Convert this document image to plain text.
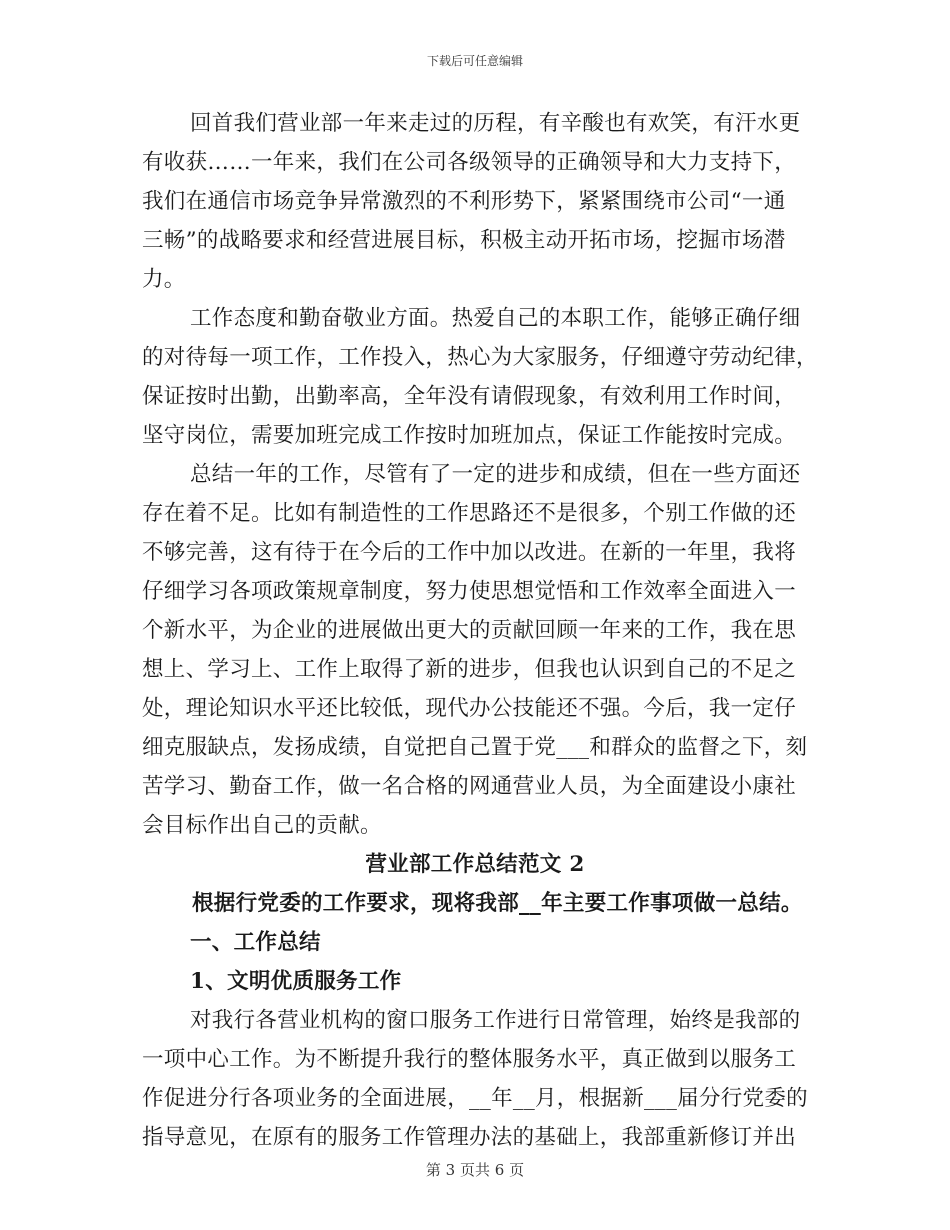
下载后可任意编辑
回首我们营业部一年来走过的历程，有辛酸也有欢笑，有汗水更
有收获……一年来，我们在公司各级领导的正确领导和大力支持下，
我们在通信市场竞争异常激烈的不利形势下，紧紧围绕市公司“一通
三畅”的战略要求和经营进展目标，积极主动开拓市场，挖掘市场潜
力。
工作态度和勤奋敬业方面。热爱自己的本职工作，能够正确仔细
的对待每一项工作，工作投入，热心为大家服务，仔细遵守劳动纪律，
保证按时出勤，出勤率高，全年没有请假现象，有效利用工作时间，
坚守岗位，需要加班完成工作按时加班加点，保证工作能按时完成。
总结一年的工作，尽管有了一定的进步和成绩，但在一些方面还
存在着不足。比如有制造性的工作思路还不是很多，个别工作做的还
不够完善，这有待于在今后的工作中加以改进。在新的一年里，我将
仔细学习各项政策规章制度，努力使思想觉悟和工作效率全面进入一
个新水平，为企业的进展做出更大的贡献回顾一年来的工作，我在思
想上、学习上、工作上取得了新的进步，但我也认识到自己的不足之
处，理论知识水平还比较低，现代办公技能还不强。今后，我一定仔
细克服缺点，发扬成绩，自觉把自己置于党___和群众的监督之下，刻
苦学习、勤奋工作，做一名合格的网通营业人员，为全面建设小康社
会目标作出自己的贡献。
营业部工作总结范文 2
根据行党委的工作要求，现将我部__年主要工作事项做一总结。
一、工作总结
1、文明优质服务工作
对我行各营业机构的窗口服务工作进行日常管理，始终是我部的
一项中心工作。为不断提升我行的整体服务水平，真正做到以服务工
作促进分行各项业务的全面进展，__年__月，根据新___届分行党委的
指导意见，在原有的服务工作管理办法的基础上，我部重新修订并出
第 3 页共 6 页
